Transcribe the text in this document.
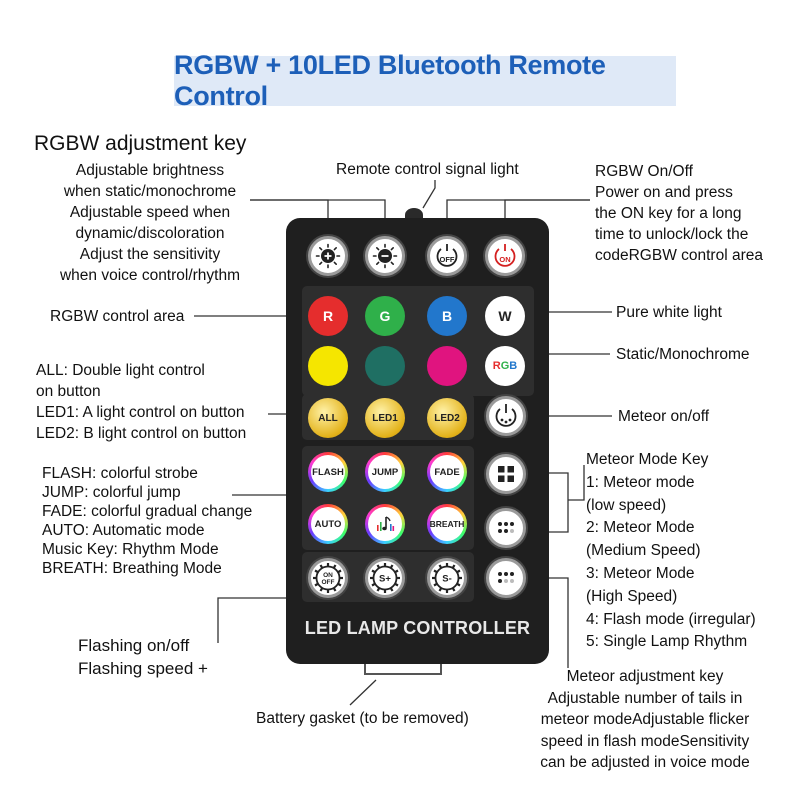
RGBW + 10LED Bluetooth Remote Control
RGBW adjustment key
Adjustable brightness
when static/monochrome
Adjustable speed when
dynamic/discoloration
Adjust the sensitivity
when voice control/rhythm
Remote control signal light	RGBW On/Off
Power on and press
the ON key for a long
time to unlock/lock the
codeRGBW control area
RGBW control area	Pure white light
Static/Monochrome
ALL: Double light control
on button
LED1: A light control on button
LED2: B light control on button
Meteor on/off
FLASH: colorful strobe
JUMP: colorful jump
FADE: colorful gradual change
AUTO: Automatic mode
Music Key: Rhythm Mode
BREATH: Breathing Mode
Meteor Mode Key
1: Meteor mode
(low speed)
2: Meteor Mode
(Medium Speed)
3: Meteor Mode
(High Speed)
4: Flash mode (irregular)
5: Single Lamp Rhythm
Flashing on/off
Flashing speed +	Meteor adjustment key
Adjustable number of tails in
meteor modeAdjustable flicker
speed in flash modeSensitivity
can be adjusted in voice mode
Battery gasket (to be removed)
OFF	ON
LED LAMP CONTROLLER
R	G	B	W
R G B
ALL	LED1	LED2
FLASH	JUMP	FADE
AUTO	BREATH
ON
OFF	S+	S-
